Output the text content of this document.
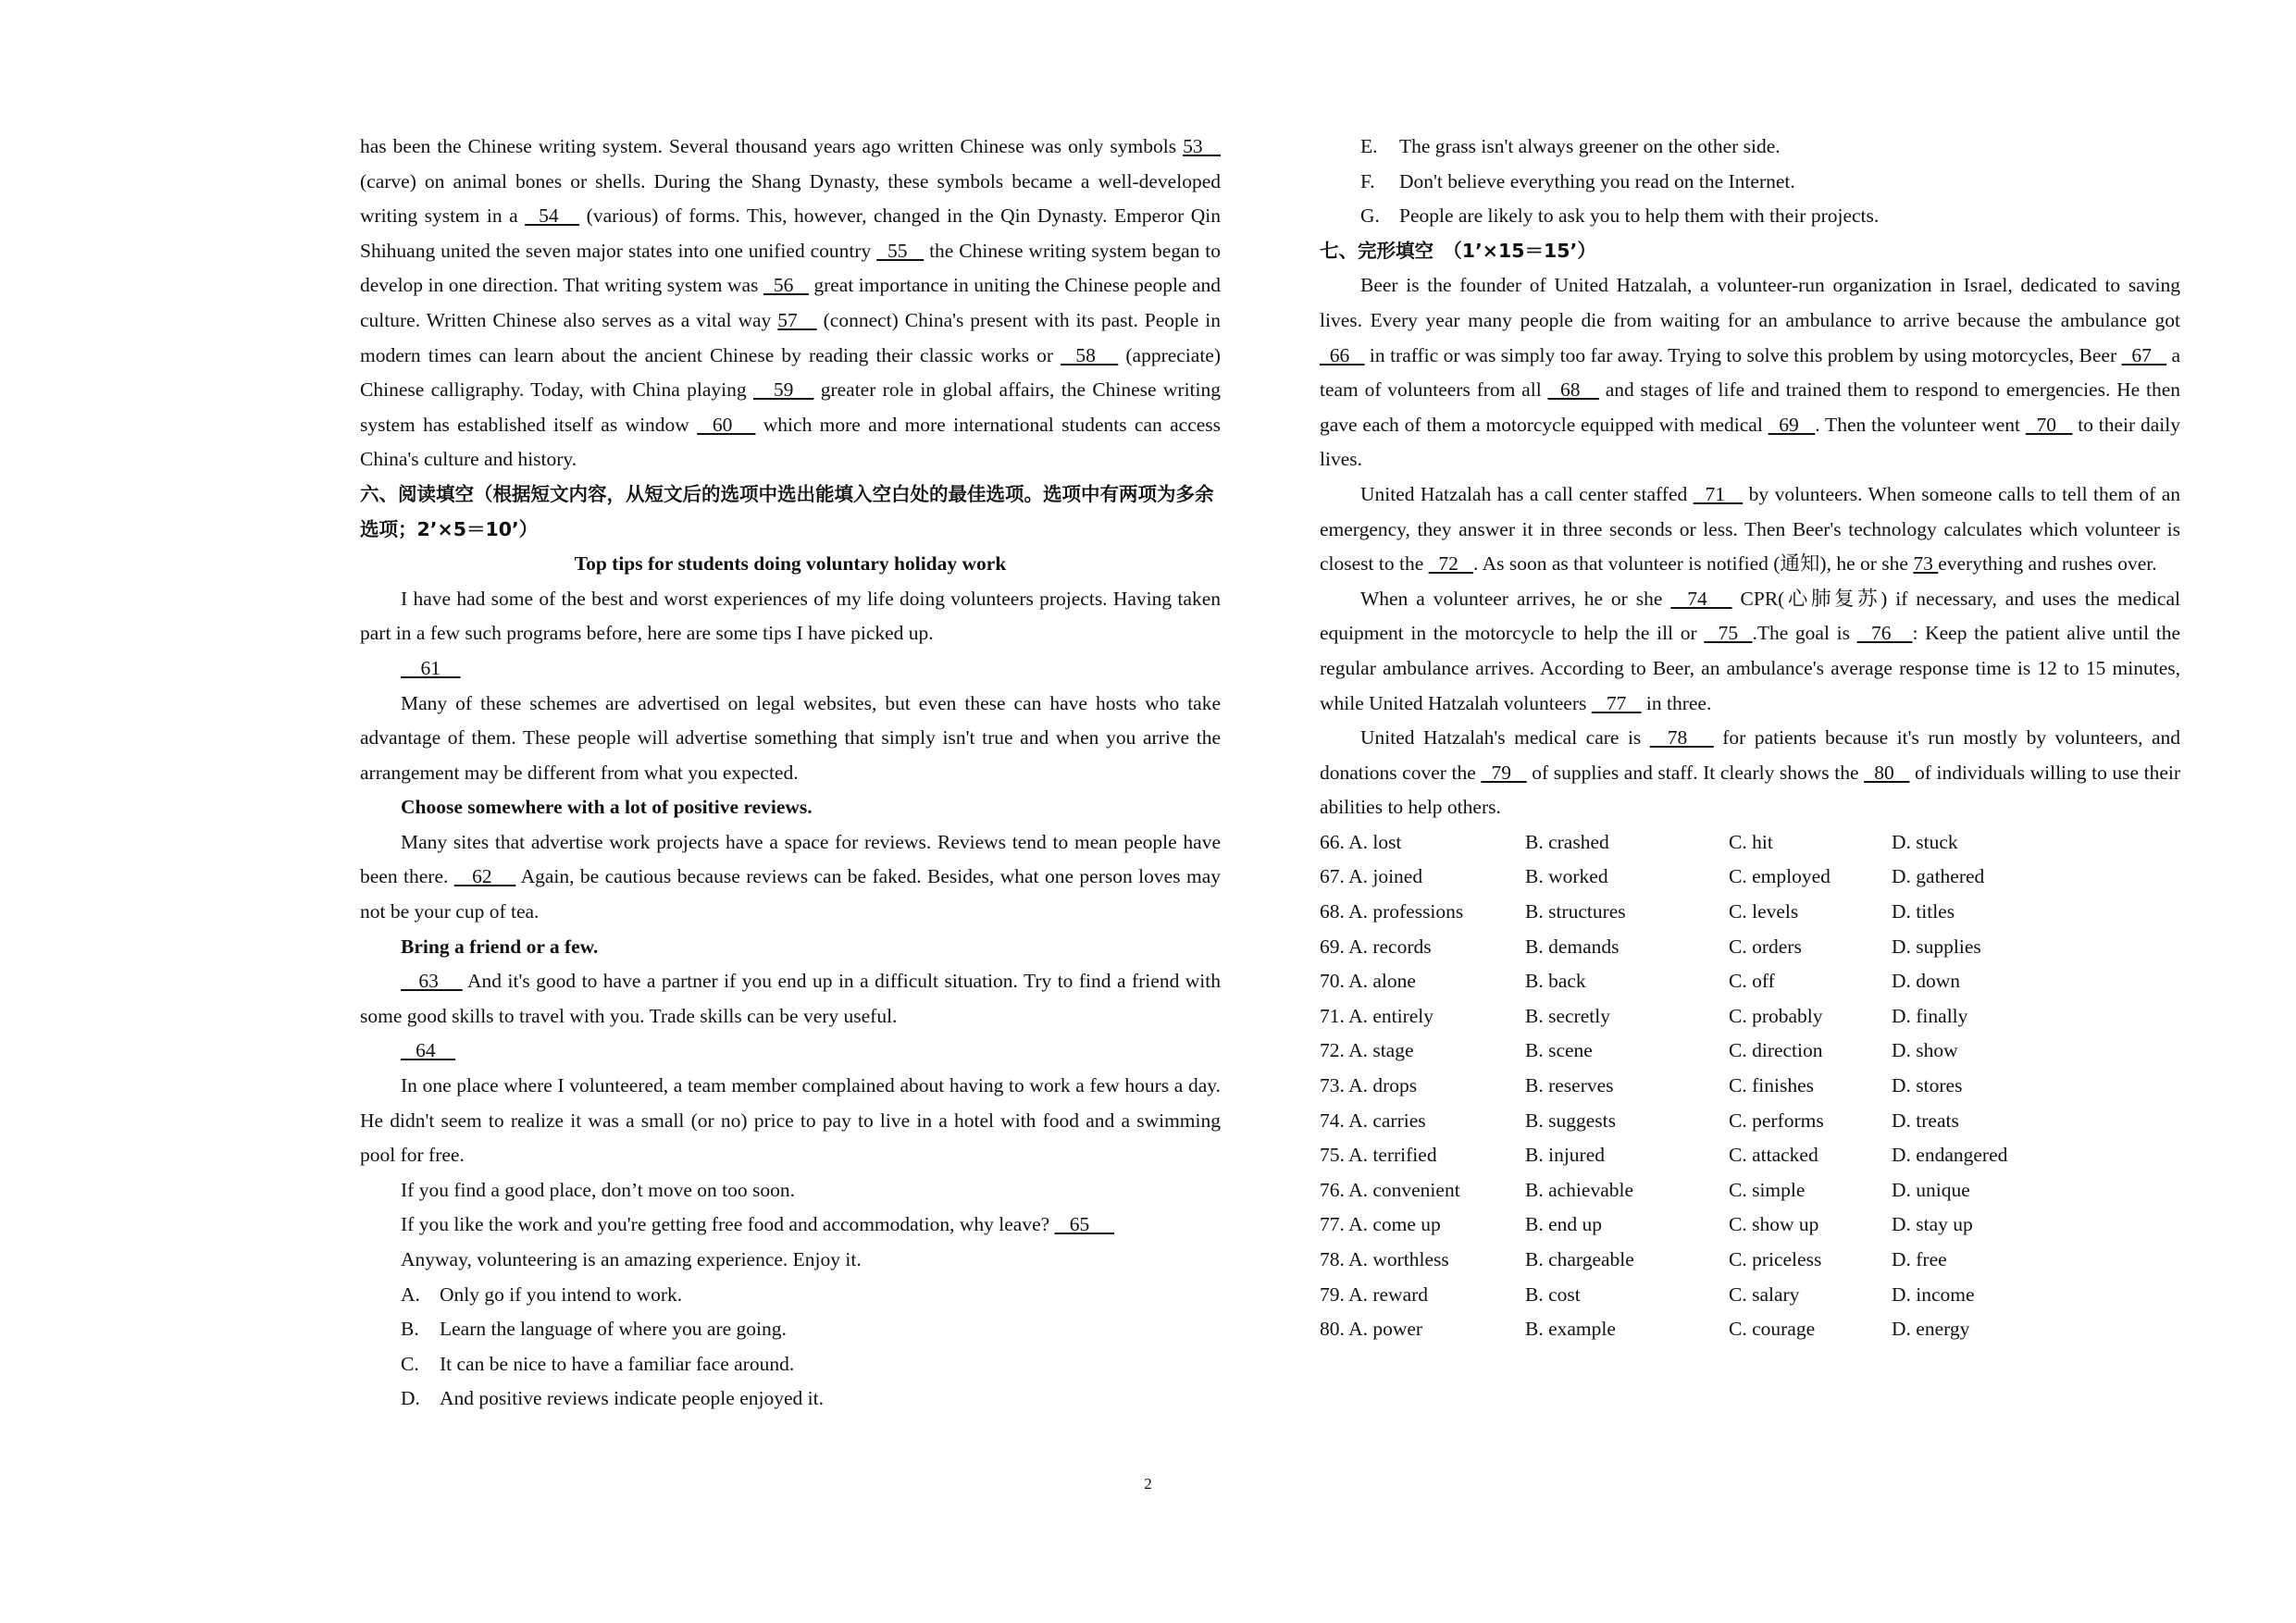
has been the Chinese writing system. Several thousand years ago written Chinese was only symbols 53    (carve) on animal bones or shells. During the Shang Dynasty, these symbols became a well-developed writing system in a   54    (various) of forms. This, however, changed in the Qin Dynasty. Emperor Qin Shihuang united the seven major states into one unified country   55    the Chinese writing system began to develop in one direction. That writing system was   56    great importance in uniting the Chinese people and culture. Written Chinese also serves as a vital way 57    (connect) China's present with its past. People in modern times can learn about the ancient Chinese by reading their classic works or   58    (appreciate) Chinese calligraphy. Today, with China playing    59    greater role in global affairs, the Chinese writing system has established itself as window   60    which more and more international students can access China's culture and history.

六、阅读填空（根据短文内容，从短文后的选项中选出能填入空白处的最佳选项。选项中有两项为多余选项；2’×5＝10’）

Top tips for students doing voluntary holiday work

I have had some of the best and worst experiences of my life doing volunteers projects. Having taken part in a few such programs before, here are some tips I have picked up.

61

Many of these schemes are advertised on legal websites, but even these can have hosts who take advantage of them. These people will advertise something that simply isn't true and when you arrive the arrangement may be different from what you expected.

Choose somewhere with a lot of positive reviews.

Many sites that advertise work projects have a space for reviews. Reviews tend to mean people have been there.    62     Again, be cautious because reviews can be faked. Besides, what one person loves may not be your cup of tea.

Bring a friend or a few.

63     And it's good to have a partner if you end up in a difficult situation. Try to find a friend with some good skills to travel with you. Trade skills can be very useful.

64

In one place where I volunteered, a team member complained about having to work a few hours a day. He didn't seem to realize it was a small (or no) price to pay to live in a hotel with food and a swimming pool for free.

If you find a good place, don’t move on too soon.

If you like the work and you're getting free food and accommodation, why leave?    65

Anyway, volunteering is an amazing experience. Enjoy it.

A. Only go if you intend to work.

B. Learn the language of where you are going.

C. It can be nice to have a familiar face around.

D. And positive reviews indicate people enjoyed it.

E. The grass isn't always greener on the other side.

F. Don't believe everything you read on the Internet.

G. People are likely to ask you to help them with their projects.

七、完形填空　（1’×15＝15’）

Beer is the founder of United Hatzalah, a volunteer-run organization in Israel, dedicated to saving lives. Every year many people die from waiting for an ambulance to arrive because the ambulance got   66    in traffic or was simply too far away. Trying to solve this problem by using motorcycles, Beer   67    a team of volunteers from all   68    and stages of life and trained them to respond to emergencies. He then gave each of them a motorcycle equipped with medical   69   . Then the volunteer went   70    to their daily lives.

United Hatzalah has a call center staffed   71    by volunteers. When someone calls to tell them of an emergency, they answer it in three seconds or less. Then Beer's technology calculates which volunteer is closest to the   72   . As soon as that volunteer is notified (通知), he or she 73 everything and rushes over.

When a volunteer arrives, he or she   74    CPR(心肺复苏) if necessary, and uses the medical equipment in the motorcycle to help the ill or   75  .The goal is   76   : Keep the patient alive until the regular ambulance arrives. According to Beer, an ambulance's average response time is 12 to 15 minutes, while United Hatzalah volunteers    77    in three.

United Hatzalah's medical care is   78    for patients because it's run mostly by volunteers, and donations cover the   79    of supplies and staff. It clearly shows the   80    of individuals willing to use their abilities to help others.

66. A. lost	B. crashed	C. hit	D. stuck
67. A. joined	B. worked	C. employed	D. gathered
68. A. professions	B. structures	C. levels	D. titles
69. A. records	B. demands	C. orders	D. supplies
70. A. alone	B. back	C. off	D. down
71. A. entirely	B. secretly	C. probably	D. finally
72. A. stage	B. scene	C. direction	D. show
73. A. drops	B. reserves	C. finishes	D. stores
74. A. carries	B. suggests	C. performs	D. treats
75. A. terrified	B. injured	C. attacked	D. endangered
76. A. convenient	B. achievable	C. simple	D. unique
77. A. come up	B. end up	C. show up	D. stay up
78. A. worthless	B. chargeable	C. priceless	D. free
79. A. reward	B. cost	C. salary	D. income
80. A. power	B. example	C. courage	D. energy
2
